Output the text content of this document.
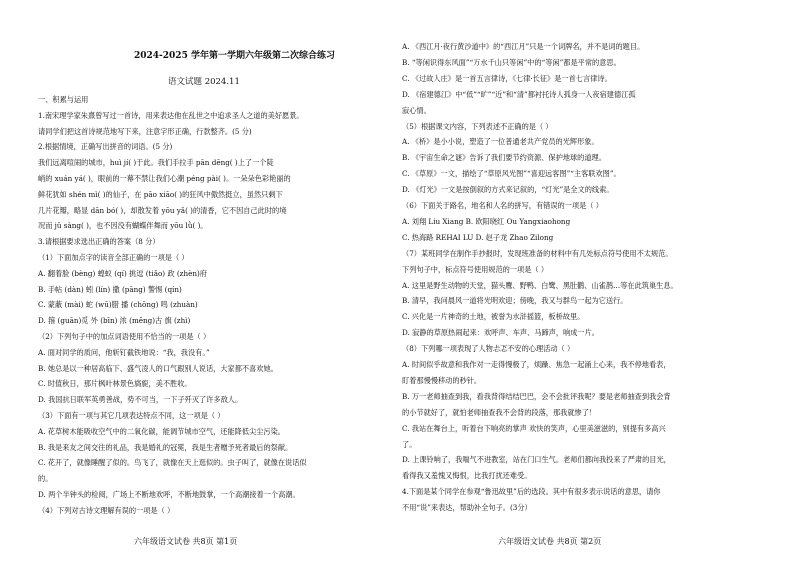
2024-2025 学年第一学期六年级第二次综合练习
语文试题 2024.11
一、积累与运用
1.南宋理学家朱熹曾写过一首诗，用来表达他在乱世之中追求圣人之道的美好愿景。
请同学们把这首诗规范地写下来，注意字形正确，行款整齐。(5 分)
2.根据情境，正确写出拼音的词语。(5 分)
我们远离喧闹的城市，huì jí( )于此。我们手拉手 pān dēng( )上了一个陡
峭的 xuán yá( )，眼前的一幕不禁让我们心潮 péng pài( )。一朵朵色彩艳丽的
鲜花犹如 shén mì( )的仙子，在 pāo xiāo( )的狂风中傲然挺立，虽然只剩下
几片花瓣，略显 dān bó( )，却散发着 yōu yǎ( )的清香，它不因自己此时的境
况而 jǔ sàng( )，也不因没有蝴蝶伴舞而 yōu lǜ( )。
3.请根据要求选出正确的答案（8 分）
（1）下面加点字的读音全部正确的一项是（ ）
A. 翻着脸 (bèng) 蝗蚁 (qí) 挑逗 (tiǎo) 政 (zhèn)府
B. 手帖 (dàn) 蚓 (lín) 撒 (pāng) 警惕 (qín)
C. 蒙蔽 (mài) 蛇 (wū)腊 播 (chōng) 鸣 (zhuàn)
D. 箍 (guān)觅 外 (bīn) 浓 (měng)古 旗 (zhì)
（2）下列句子中的加点词语使用不恰当的一项是（ ）
A. 面对同学的质问，他斩钉截铁地说：“我，我没有。”
B. 她总是以一种居高临下、盛气凌人的口气跟别人说话，大家都不喜欢她。
C. 时值秋日，那片枫叶林景色旖旎，美不胜收。
D. 我国抗日联军英勇善战，势不可当，一下子歼灭了许多敌人。
（3）下面有一项与其它几项表达特点不同，这一项是（ ）
A. 花草树木能吸收空气中的二氧化碳，能调节城市空气，还能降低尖尘污染。
B. 我是来友之间交往的礼品，我是婚礼的冠冕，我是生者赠予死者最后的祭献。
C. 花开了，就像睡醒了似的。鸟飞了，就像在天上逛似的。虫子叫了，就像在说话似
的。
D. 两个半钟头的检阅，广场上不断地欢呼，不断地鼓掌，一个高潮接着一个高潮。
（4）下列对古诗文理解有误的一项是（ ）
六年级语文试卷 共8页 第1页
A. 《西江月·夜行黄沙道中》的“西江月”只是一个词牌名，并不是词的题目。
B. “等闲识得东风面”“万水千山只等闲”中的“等闲”都是平常的意思。
C. 《过故人庄》是一首五言律诗，《七律·长征》是一首七言律诗。
D. 《宿建德江》中“低”“旷”“近”和“清”都衬托诗人孤身一人夜宿建德江孤
寂心情。
（5）根据课文内容，下列表述不正确的是（ ）
A. 《桥》是小小说，塑造了一位普通老共产党员的光辉形象。
B. 《宇宙生命之谜》告诉了我们要节约资源、保护地球的道理。
C. 《草原》一文，描绘了“草原风光图”“喜迎远客图”“主客联欢图”。
D. 《灯光》一文是按倒叙的方式来记叙的，“灯光”是全文的线索。
（6）下面关于路名，地名和人名的拼写，有错误的一项是（ ）
A. 刘翔 Liu Xiang B. 欧阳晓红 Ou Yangxiaohong
C. 热海路 REHAI LU D. 赵子龙 Zhao Zilong
（7）某班同学在制作手抄报时，发现班准备的材料中有几处标点符号使用不太规范。
下列句子中，标点符号使用规范的一项是（ ）
A. 这里是野生动物的天堂，猫头鹰、野鸭、白鹭、黑肚鹳、山雀鹊…等在此筑巢生息。
B. 清早，我问晨风一道将光明欢迎；傍晚，我又与群鸟一起为它送行。
C. 兴化是一片神奇的土地，被誉为水浒摇篮，板桥故里。
D. 寂静的草原热闹起来：欢呼声、车声、马蹄声，响成一片。
（8）下列哪一项表现了人物忐忑不安的心理活动（ ）
A. 时间似乎故意和我作对一走得慢极了，烦躁、焦急一起涌上心来，我不停地看表，
盯着那慢慢移动的秒针。
B. 万一老师抽查到我，看我背得结结巴巴，会不会批评我呢？要是老师抽查到我会背
的小节就好了，就怕老师抽查我不会背的段落，那我就惨了！
C. 我站在舞台上，听着台下响亮的掌声 欢快的笑声，心里美滋滋的，别提有多高兴
了。
D. 上课铃响了，我喘气不进教室，站在门口生气。老师们都向我投来了严肃的目光，
看得我又羞愧又悔恨，比我打扰还难受。
4.下面是某个同学在参观“鲁迅故里”后的选段。其中有很多表示说话的意思，请你
不用“说”来表达，帮助补全句子。(3分）
六年级语文试卷 共8页 第2页
